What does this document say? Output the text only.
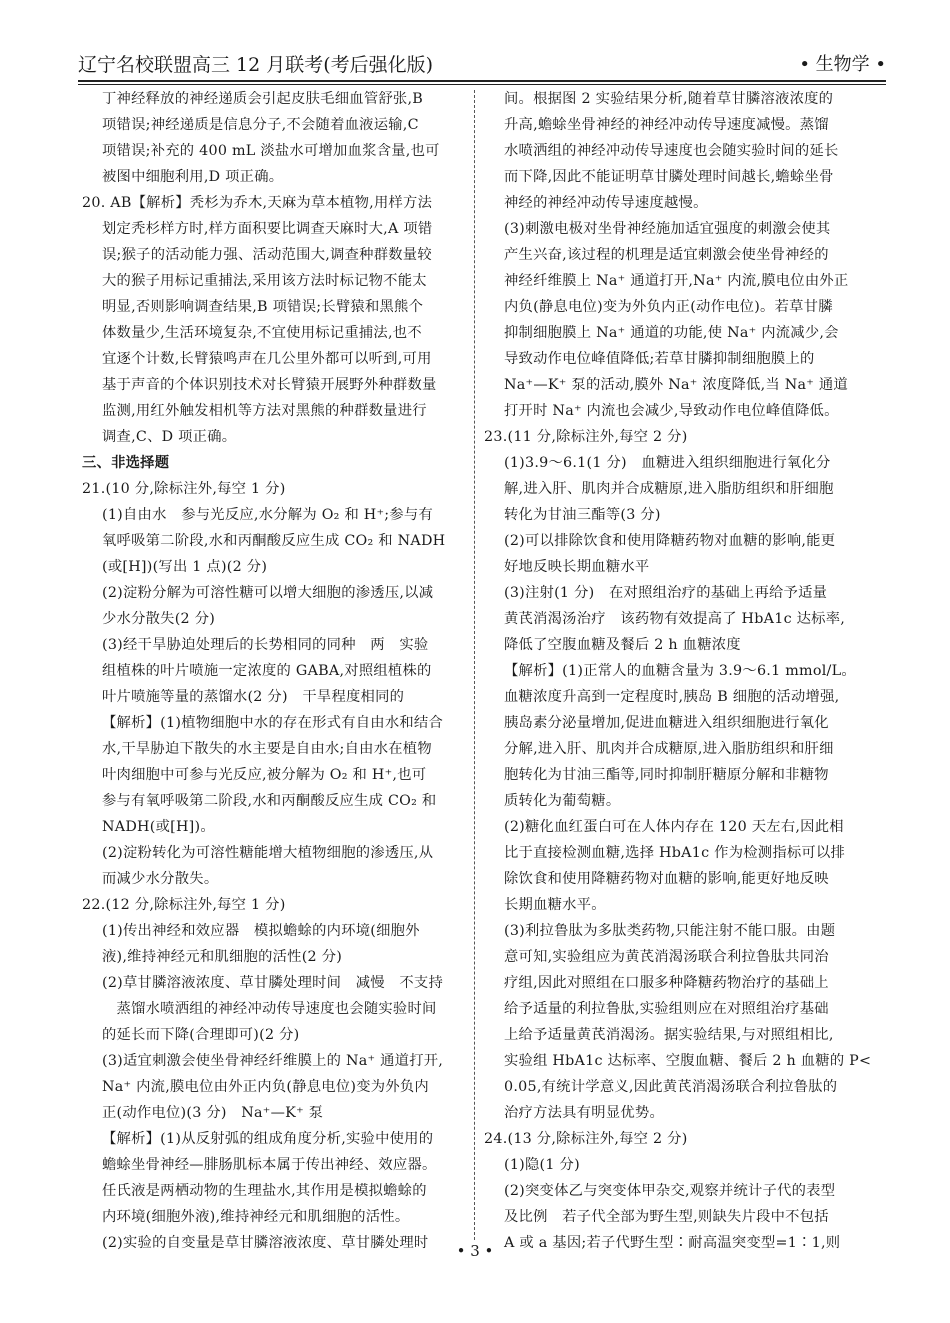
辽宁名校联盟高三 12 月联考(考后强化版)	• 生物学 •
丁神经释放的神经递质会引起皮肤毛细血管舒张,B
项错误;神经递质是信息分子,不会随着血液运输,C
项错误;补充的 400 mL 淡盐水可增加血浆含量,也可
被图中细胞利用,D 项正确。
20. AB【解析】秃杉为乔木,天麻为草本植物,用样方法
划定秃杉样方时,样方面积要比调查天麻时大,A 项错
误;猴子的活动能力强、活动范围大,调查种群数量较
大的猴子用标记重捕法,采用该方法时标记物不能太
明显,否则影响调查结果,B 项错误;长臂猿和黑熊个
体数量少,生活环境复杂,不宜使用标记重捕法,也不
宜逐个计数,长臂猿鸣声在几公里外都可以听到,可用
基于声音的个体识别技术对长臂猿开展野外种群数量
监测,用红外触发相机等方法对黑熊的种群数量进行
调查,C、D 项正确。
三、非选择题
21.(10 分,除标注外,每空 1 分)
(1)自由水　参与光反应,水分解为 O₂ 和 H⁺;参与有
氧呼吸第二阶段,水和丙酮酸反应生成 CO₂ 和 NADH
(或[H])(写出 1 点)(2 分)
(2)淀粉分解为可溶性糖可以增大细胞的渗透压,以减
少水分散失(2 分)
(3)经干旱胁迫处理后的长势相同的同种　两　实验
组植株的叶片喷施一定浓度的 GABA,对照组植株的
叶片喷施等量的蒸馏水(2 分)　干旱程度相同的
【解析】(1)植物细胞中水的存在形式有自由水和结合
水,干旱胁迫下散失的水主要是自由水;自由水在植物
叶肉细胞中可参与光反应,被分解为 O₂ 和 H⁺,也可
参与有氧呼吸第二阶段,水和丙酮酸反应生成 CO₂ 和
NADH(或[H])。
(2)淀粉转化为可溶性糖能增大植物细胞的渗透压,从
而减少水分散失。
22.(12 分,除标注外,每空 1 分)
(1)传出神经和效应器　模拟蟾蜍的内环境(细胞外
液),维持神经元和肌细胞的活性(2 分)
(2)草甘膦溶液浓度、草甘膦处理时间　减慢　不支持
　蒸馏水喷洒组的神经冲动传导速度也会随实验时间
的延长而下降(合理即可)(2 分)
(3)适宜刺激会使坐骨神经纤维膜上的 Na⁺ 通道打开,
Na⁺ 内流,膜电位由外正内负(静息电位)变为外负内
正(动作电位)(3 分)　Na⁺—K⁺ 泵
【解析】(1)从反射弧的组成角度分析,实验中使用的
蟾蜍坐骨神经—腓肠肌标本属于传出神经、效应器。
任氏液是两栖动物的生理盐水,其作用是模拟蟾蜍的
内环境(细胞外液),维持神经元和肌细胞的活性。
(2)实验的自变量是草甘膦溶液浓度、草甘膦处理时
间。根据图 2 实验结果分析,随着草甘膦溶液浓度的
升高,蟾蜍坐骨神经的神经冲动传导速度减慢。蒸馏
水喷洒组的神经冲动传导速度也会随实验时间的延长
而下降,因此不能证明草甘膦处理时间越长,蟾蜍坐骨
神经的神经冲动传导速度越慢。
(3)刺激电极对坐骨神经施加适宜强度的刺激会使其
产生兴奋,该过程的机理是适宜刺激会使坐骨神经的
神经纤维膜上 Na⁺ 通道打开,Na⁺ 内流,膜电位由外正
内负(静息电位)变为外负内正(动作电位)。若草甘膦
抑制细胞膜上 Na⁺ 通道的功能,使 Na⁺ 内流减少,会
导致动作电位峰值降低;若草甘膦抑制细胞膜上的
Na⁺—K⁺ 泵的活动,膜外 Na⁺ 浓度降低,当 Na⁺ 通道
打开时 Na⁺ 内流也会减少,导致动作电位峰值降低。
23.(11 分,除标注外,每空 2 分)
(1)3.9～6.1(1 分)　血糖进入组织细胞进行氧化分
解,进入肝、肌肉并合成糖原,进入脂肪组织和肝细胞
转化为甘油三酯等(3 分)
(2)可以排除饮食和使用降糖药物对血糖的影响,能更
好地反映长期血糖水平
(3)注射(1 分)　在对照组治疗的基础上再给予适量
黄芪消渴汤治疗　该药物有效提高了 HbA1c 达标率,
降低了空腹血糖及餐后 2 h 血糖浓度
【解析】(1)正常人的血糖含量为 3.9～6.1 mmol/L。
血糖浓度升高到一定程度时,胰岛 B 细胞的活动增强,
胰岛素分泌量增加,促进血糖进入组织细胞进行氧化
分解,进入肝、肌肉并合成糖原,进入脂肪组织和肝细
胞转化为甘油三酯等,同时抑制肝糖原分解和非糖物
质转化为葡萄糖。
(2)糖化血红蛋白可在人体内存在 120 天左右,因此相
比于直接检测血糖,选择 HbA1c 作为检测指标可以排
除饮食和使用降糖药物对血糖的影响,能更好地反映
长期血糖水平。
(3)利拉鲁肽为多肽类药物,只能注射不能口服。由题
意可知,实验组应为黄芪消渴汤联合利拉鲁肽共同治
疗组,因此对照组在口服多种降糖药物治疗的基础上
给予适量的利拉鲁肽,实验组则应在对照组治疗基础
上给予适量黄芪消渴汤。据实验结果,与对照组相比,
实验组 HbA1c 达标率、空腹血糖、餐后 2 h 血糖的 P<
0.05,有统计学意义,因此黄芪消渴汤联合利拉鲁肽的
治疗方法具有明显优势。
24.(13 分,除标注外,每空 2 分)
(1)隐(1 分)
(2)突变体乙与突变体甲杂交,观察并统计子代的表型
及比例　若子代全部为野生型,则缺失片段中不包括
A 或 a 基因;若子代野生型∶耐高温突变型=1∶1,则
• 3 •
